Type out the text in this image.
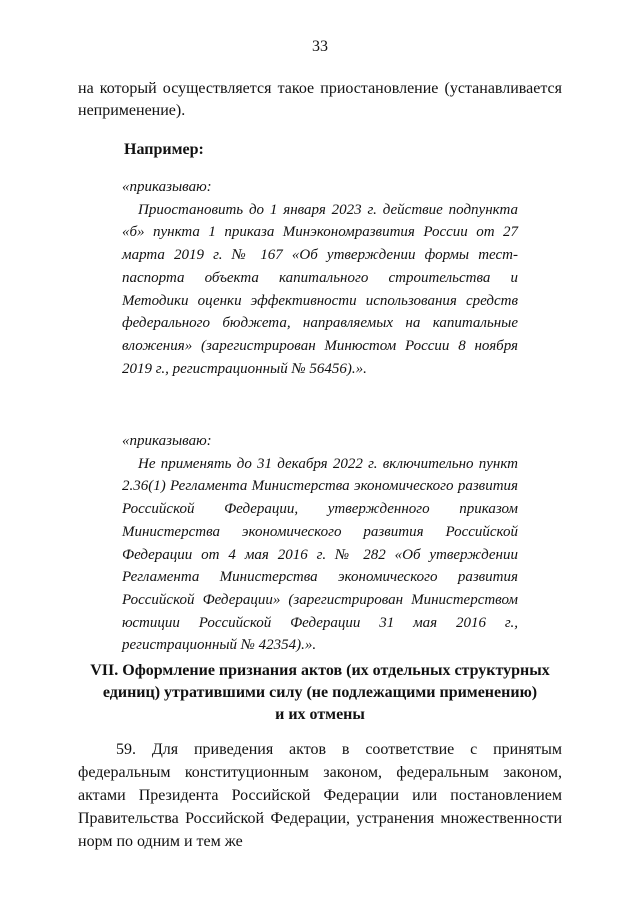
33

на который осуществляется такое приостановление (устанавливается неприменение).

Например:

«приказываю:
Приостановить до 1 января 2023 г. действие подпункта «б» пункта 1 приказа Минэкономразвития России от 27 марта 2019 г. № 167 «Об утверждении формы тест-паспорта объекта капитального строительства и Методики оценки эффективности использования средств федерального бюджета, направляемых на капитальные вложения» (зарегистрирован Минюстом России 8 ноября 2019 г., регистрационный № 56456).».
«приказываю:
Не применять до 31 декабря 2022 г. включительно пункт 2.36(1) Регламента Министерства экономического развития Российской Федерации, утвержденного приказом Министерства экономического развития Российской Федерации от 4 мая 2016 г. № 282 «Об утверждении Регламента Министерства экономического развития Российской Федерации» (зарегистрирован Министерством юстиции Российской Федерации 31 мая 2016 г., регистрационный № 42354).».
VII. Оформление признания актов (их отдельных структурных
единиц) утратившими силу (не подлежащими применению)
и их отмены

59. Для приведения актов в соответствие с принятым федеральным конституционным законом, федеральным законом, актами Президента Российской Федерации или постановлением Правительства Российской Федерации, устранения множественности норм по одним и тем же
